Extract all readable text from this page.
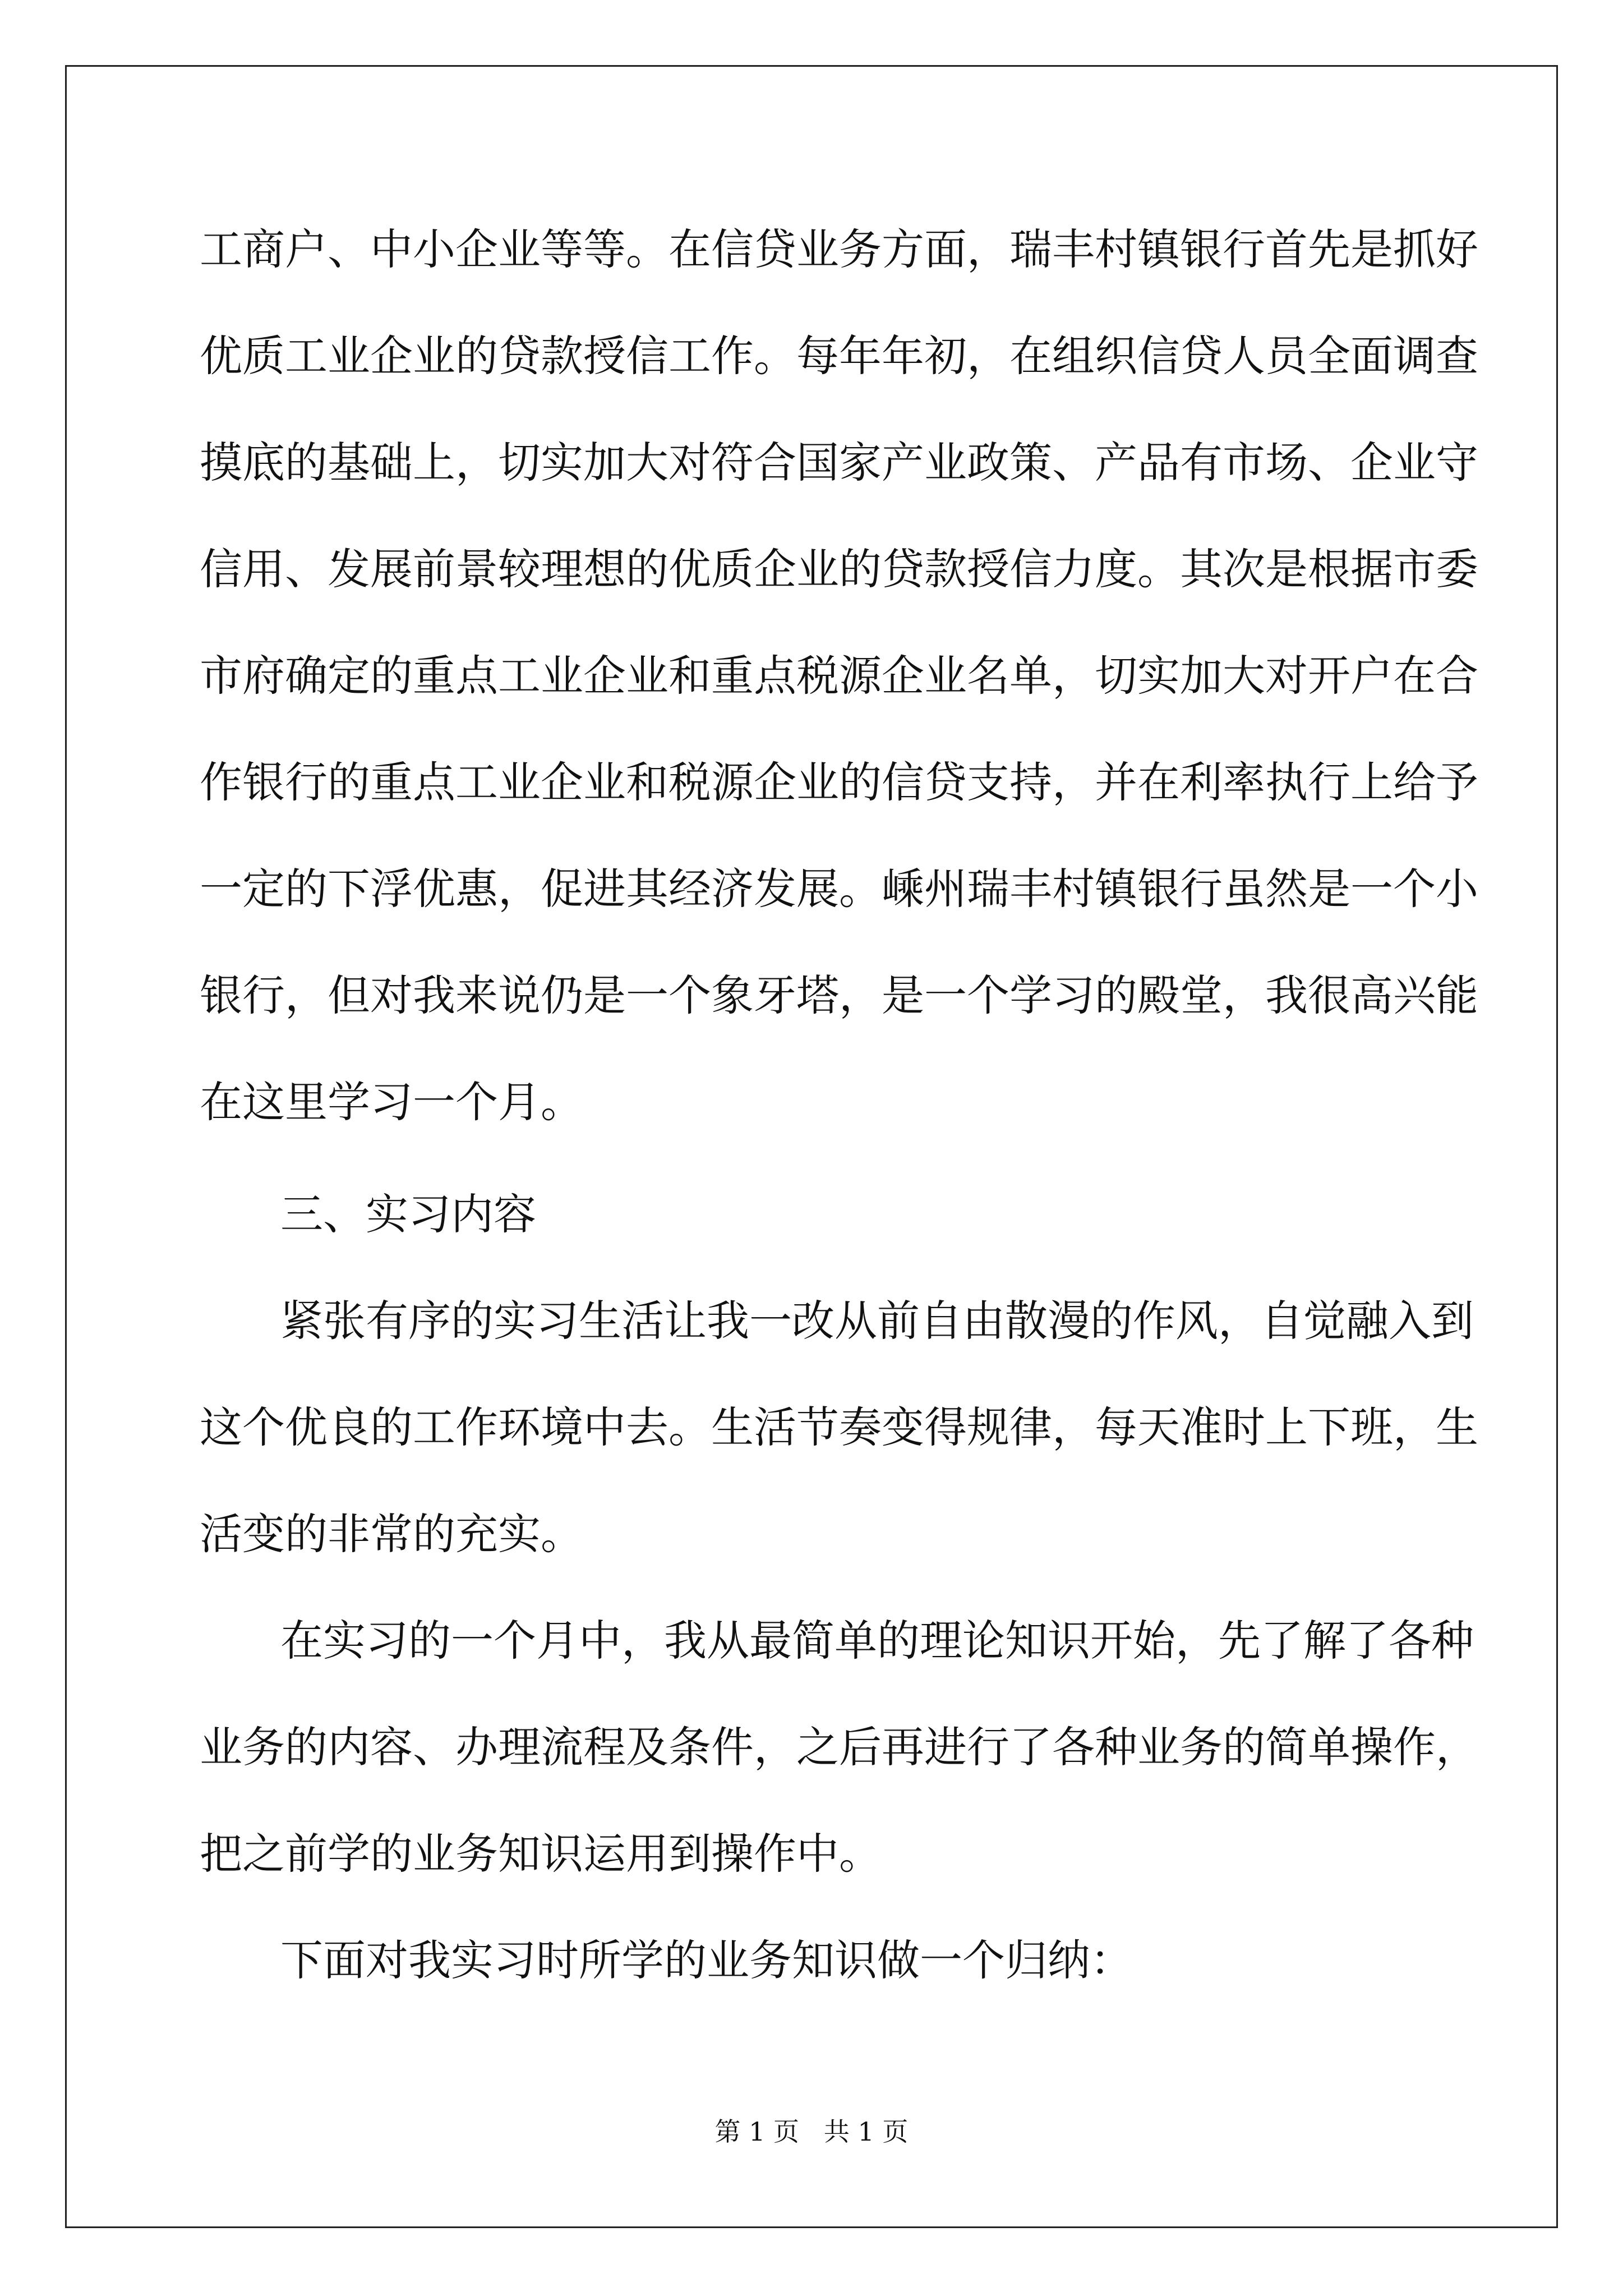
工商户、中小企业等等。在信贷业务方面，瑞丰村镇银行首先是抓好
优质工业企业的贷款授信工作。每年年初，在组织信贷人员全面调查
摸底的基础上，切实加大对符合国家产业政策、产品有市场、企业守
信用、发展前景较理想的优质企业的贷款授信力度。其次是根据市委
市府确定的重点工业企业和重点税源企业名单，切实加大对开户在合
作银行的重点工业企业和税源企业的信贷支持，并在利率执行上给予
一定的下浮优惠，促进其经济发展。嵊州瑞丰村镇银行虽然是一个小
银行，但对我来说仍是一个象牙塔，是一个学习的殿堂，我很高兴能
在这里学习一个月。
三、实习内容
紧张有序的实习生活让我一改从前自由散漫的作风，自觉融入到
这个优良的工作环境中去。生活节奏变得规律，每天准时上下班，生
活变的非常的充实。
在实习的一个月中，我从最简单的理论知识开始，先了解了各种
业务的内容、办理流程及条件，之后再进行了各种业务的简单操作，
把之前学的业务知识运用到操作中。
下面对我实习时所学的业务知识做一个归纳：
第 1 页   共 1 页
